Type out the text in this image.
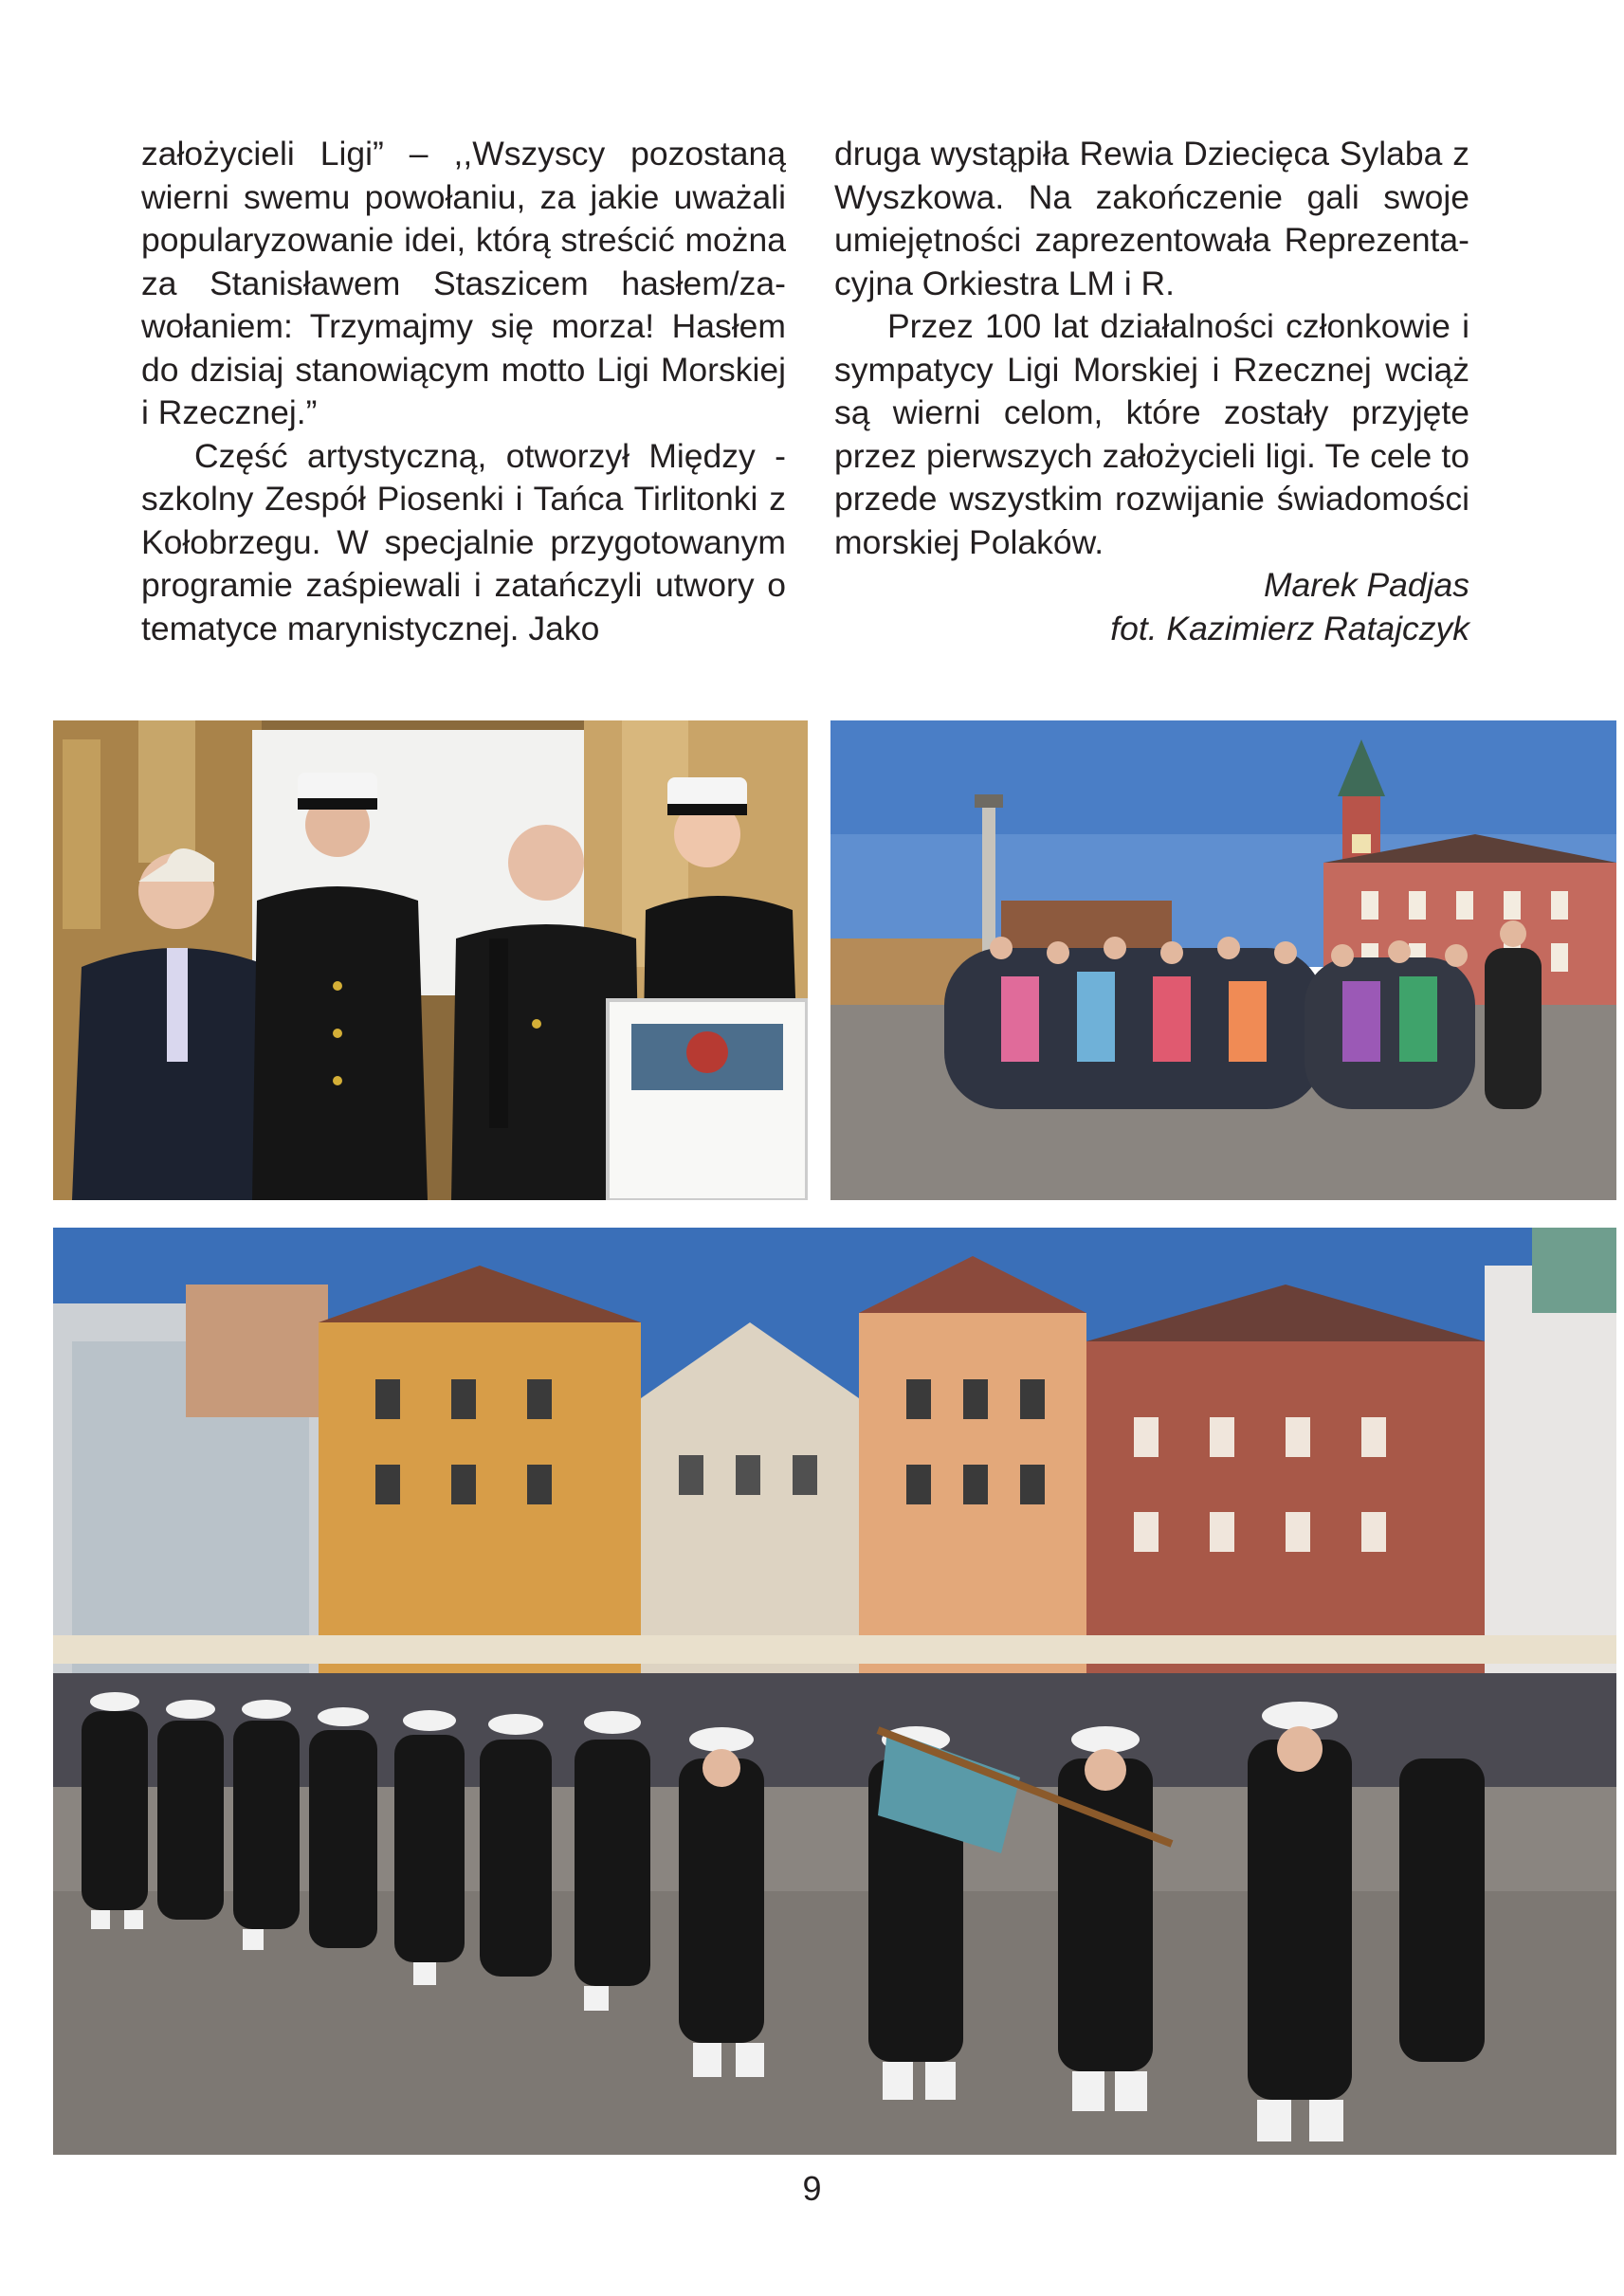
założycieli Ligi” – ,,Wszyscy pozostaną wierni swemu powołaniu, za jakie uważali popularyzowanie idei, którą streścić można za Stanisławem Staszicem hasłem/zawołaniem: Trzymajmy się morza! Hasłem do dzisiaj stanowiącym motto Ligi Morskiej i Rzecznej.”

Część artystyczną, otworzył Między -szkolny Zespół Piosenki i Tańca Tirlitonki z Kołobrzegu. W specjalnie przygotowanym programie zaśpiewali i zatańczyli utwory o tematyce marynistycznej. Jako

druga wystąpiła Rewia Dziecięca Sylaba z Wyszkowa. Na zakończenie gali swoje umiejętności zaprezentowała Reprezentacyjna Orkiestra LM i R.

Przez 100 lat działalności członkowie i sympatycy Ligi Morskiej i Rzecznej wciąż są wierni celom, które zostały przyjęte przez pierwszych założycieli ligi. Te cele to przede wszystkim rozwijanie świadomości morskiej Polaków.

Marek Padjas

fot. Kazimierz Ratajczyk

9
